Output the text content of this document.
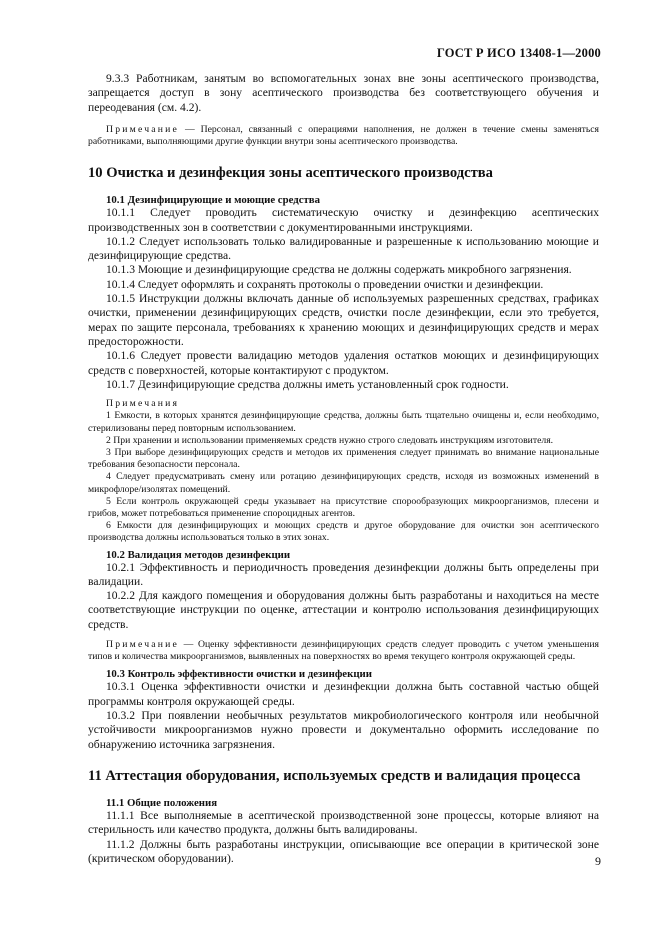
ГОСТ Р ИСО 13408-1—2000

9.3.3 Работникам, занятым во вспомогательных зонах вне зоны асептического производства, запрещается доступ в зону асептического производства без соответствующего обучения и переодевания (см. 4.2).

Примечание — Персонал, связанный с операциями наполнения, не должен в течение смены заменяться работниками, выполняющими другие функции внутри зоны асептического производства.

10 Очистка и дезинфекция зоны асептического производства

10.1 Дезинфицирующие и моющие средства

10.1.1 Следует проводить систематическую очистку и дезинфекцию асептических производственных зон в соответствии с документированными инструкциями.

10.1.2 Следует использовать только валидированные и разрешенные к использованию моющие и дезинфицирующие средства.

10.1.3 Моющие и дезинфицирующие средства не должны содержать микробного загрязнения.

10.1.4 Следует оформлять и сохранять протоколы о проведении очистки и дезинфекции.

10.1.5 Инструкции должны включать данные об используемых разрешенных средствах, графиках очистки, применении дезинфицирующих средств, очистки после дезинфекции, если это требуется, мерах по защите персонала, требованиях к хранению моющих и дезинфицирующих средств и мерах предосторожности.

10.1.6 Следует провести валидацию методов удаления остатков моющих и дезинфицирующих средств с поверхностей, которые контактируют с продуктом.

10.1.7 Дезинфицирующие средства должны иметь установленный срок годности.

Примечания

1 Емкости, в которых хранятся дезинфицирующие средства, должны быть тщательно очищены и, если необходимо, стерилизованы перед повторным использованием.

2 При хранении и использовании применяемых средств нужно строго следовать инструкциям изготовителя.

3 При выборе дезинфицирующих средств и методов их применения следует принимать во внимание национальные требования безопасности персонала.

4 Следует предусматривать смену или ротацию дезинфицирующих средств, исходя из возможных изменений в микрофлоре/изолятах помещений.

5 Если контроль окружающей среды указывает на присутствие спорообразующих микроорганизмов, плесени и грибов, может потребоваться применение спороцидных агентов.

6 Емкости для дезинфицирующих и моющих средств и другое оборудование для очистки зон асептического производства должны использоваться только в этих зонах.

10.2 Валидация методов дезинфекции

10.2.1 Эффективность и периодичность проведения дезинфекции должны быть определены при валидации.

10.2.2 Для каждого помещения и оборудования должны быть разработаны и находиться на месте соответствующие инструкции по оценке, аттестации и контролю использования дезинфицирующих средств.

Примечание — Оценку эффективности дезинфицирующих средств следует проводить с учетом уменьшения типов и количества микроорганизмов, выявленных на поверхностях во время текущего контроля окружающей среды.

10.3 Контроль эффективности очистки и дезинфекции

10.3.1 Оценка эффективности очистки и дезинфекции должна быть составной частью общей программы контроля окружающей среды.

10.3.2 При появлении необычных результатов микробиологического контроля или необычной устойчивости микроорганизмов нужно провести и документально оформить исследование по обнаружению источника загрязнения.

11 Аттестация оборудования, используемых средств и валидация процесса

11.1 Общие положения

11.1.1 Все выполняемые в асептической производственной зоне процессы, которые влияют на стерильность или качество продукта, должны быть валидированы.

11.1.2 Должны быть разработаны инструкции, описывающие все операции в критической зоне (критическом оборудовании).	9
